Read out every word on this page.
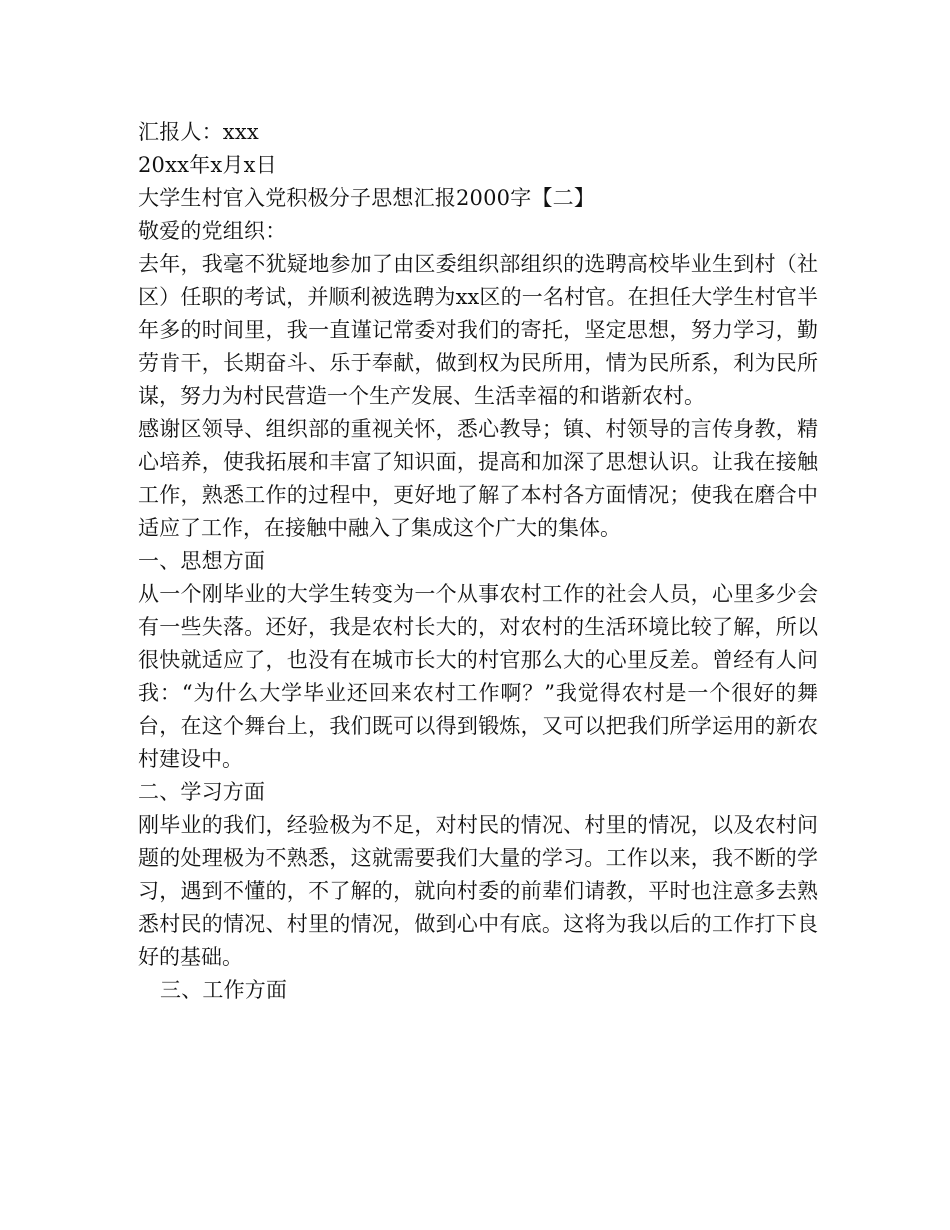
汇报人：xxx
20xx年x月x日
大学生村官入党积极分子思想汇报2000字【二】
敬爱的党组织：

去年，我毫不犹疑地参加了由区委组织部组织的选聘高校毕业生到村（社区）任职的考试，并顺利被选聘为xx区的一名村官。在担任大学生村官半年多的时间里，我一直谨记常委对我们的寄托，坚定思想，努力学习，勤劳肯干，长期奋斗、乐于奉献，做到权为民所用，情为民所系，利为民所谋，努力为村民营造一个生产发展、生活幸福的和谐新农村。

感谢区领导、组织部的重视关怀，悉心教导；镇、村领导的言传身教，精心培养，使我拓展和丰富了知识面，提高和加深了思想认识。让我在接触工作，熟悉工作的过程中，更好地了解了本村各方面情况；使我在磨合中适应了工作，在接触中融入了集成这个广大的集体。

一、思想方面

从一个刚毕业的大学生转变为一个从事农村工作的社会人员，心里多少会有一些失落。还好，我是农村长大的，对农村的生活环境比较了解，所以很快就适应了，也没有在城市长大的村官那么大的心里反差。曾经有人问我：“为什么大学毕业还回来农村工作啊？”我觉得农村是一个很好的舞台，在这个舞台上，我们既可以得到锻炼，又可以把我们所学运用的新农村建设中。

二、学习方面

刚毕业的我们，经验极为不足，对村民的情况、村里的情况，以及农村问题的处理极为不熟悉，这就需要我们大量的学习。工作以来，我不断的学习，遇到不懂的，不了解的，就向村委的前辈们请教，平时也注意多去熟悉村民的情况、村里的情况，做到心中有底。这将为我以后的工作打下良好的基础。

三、工作方面
